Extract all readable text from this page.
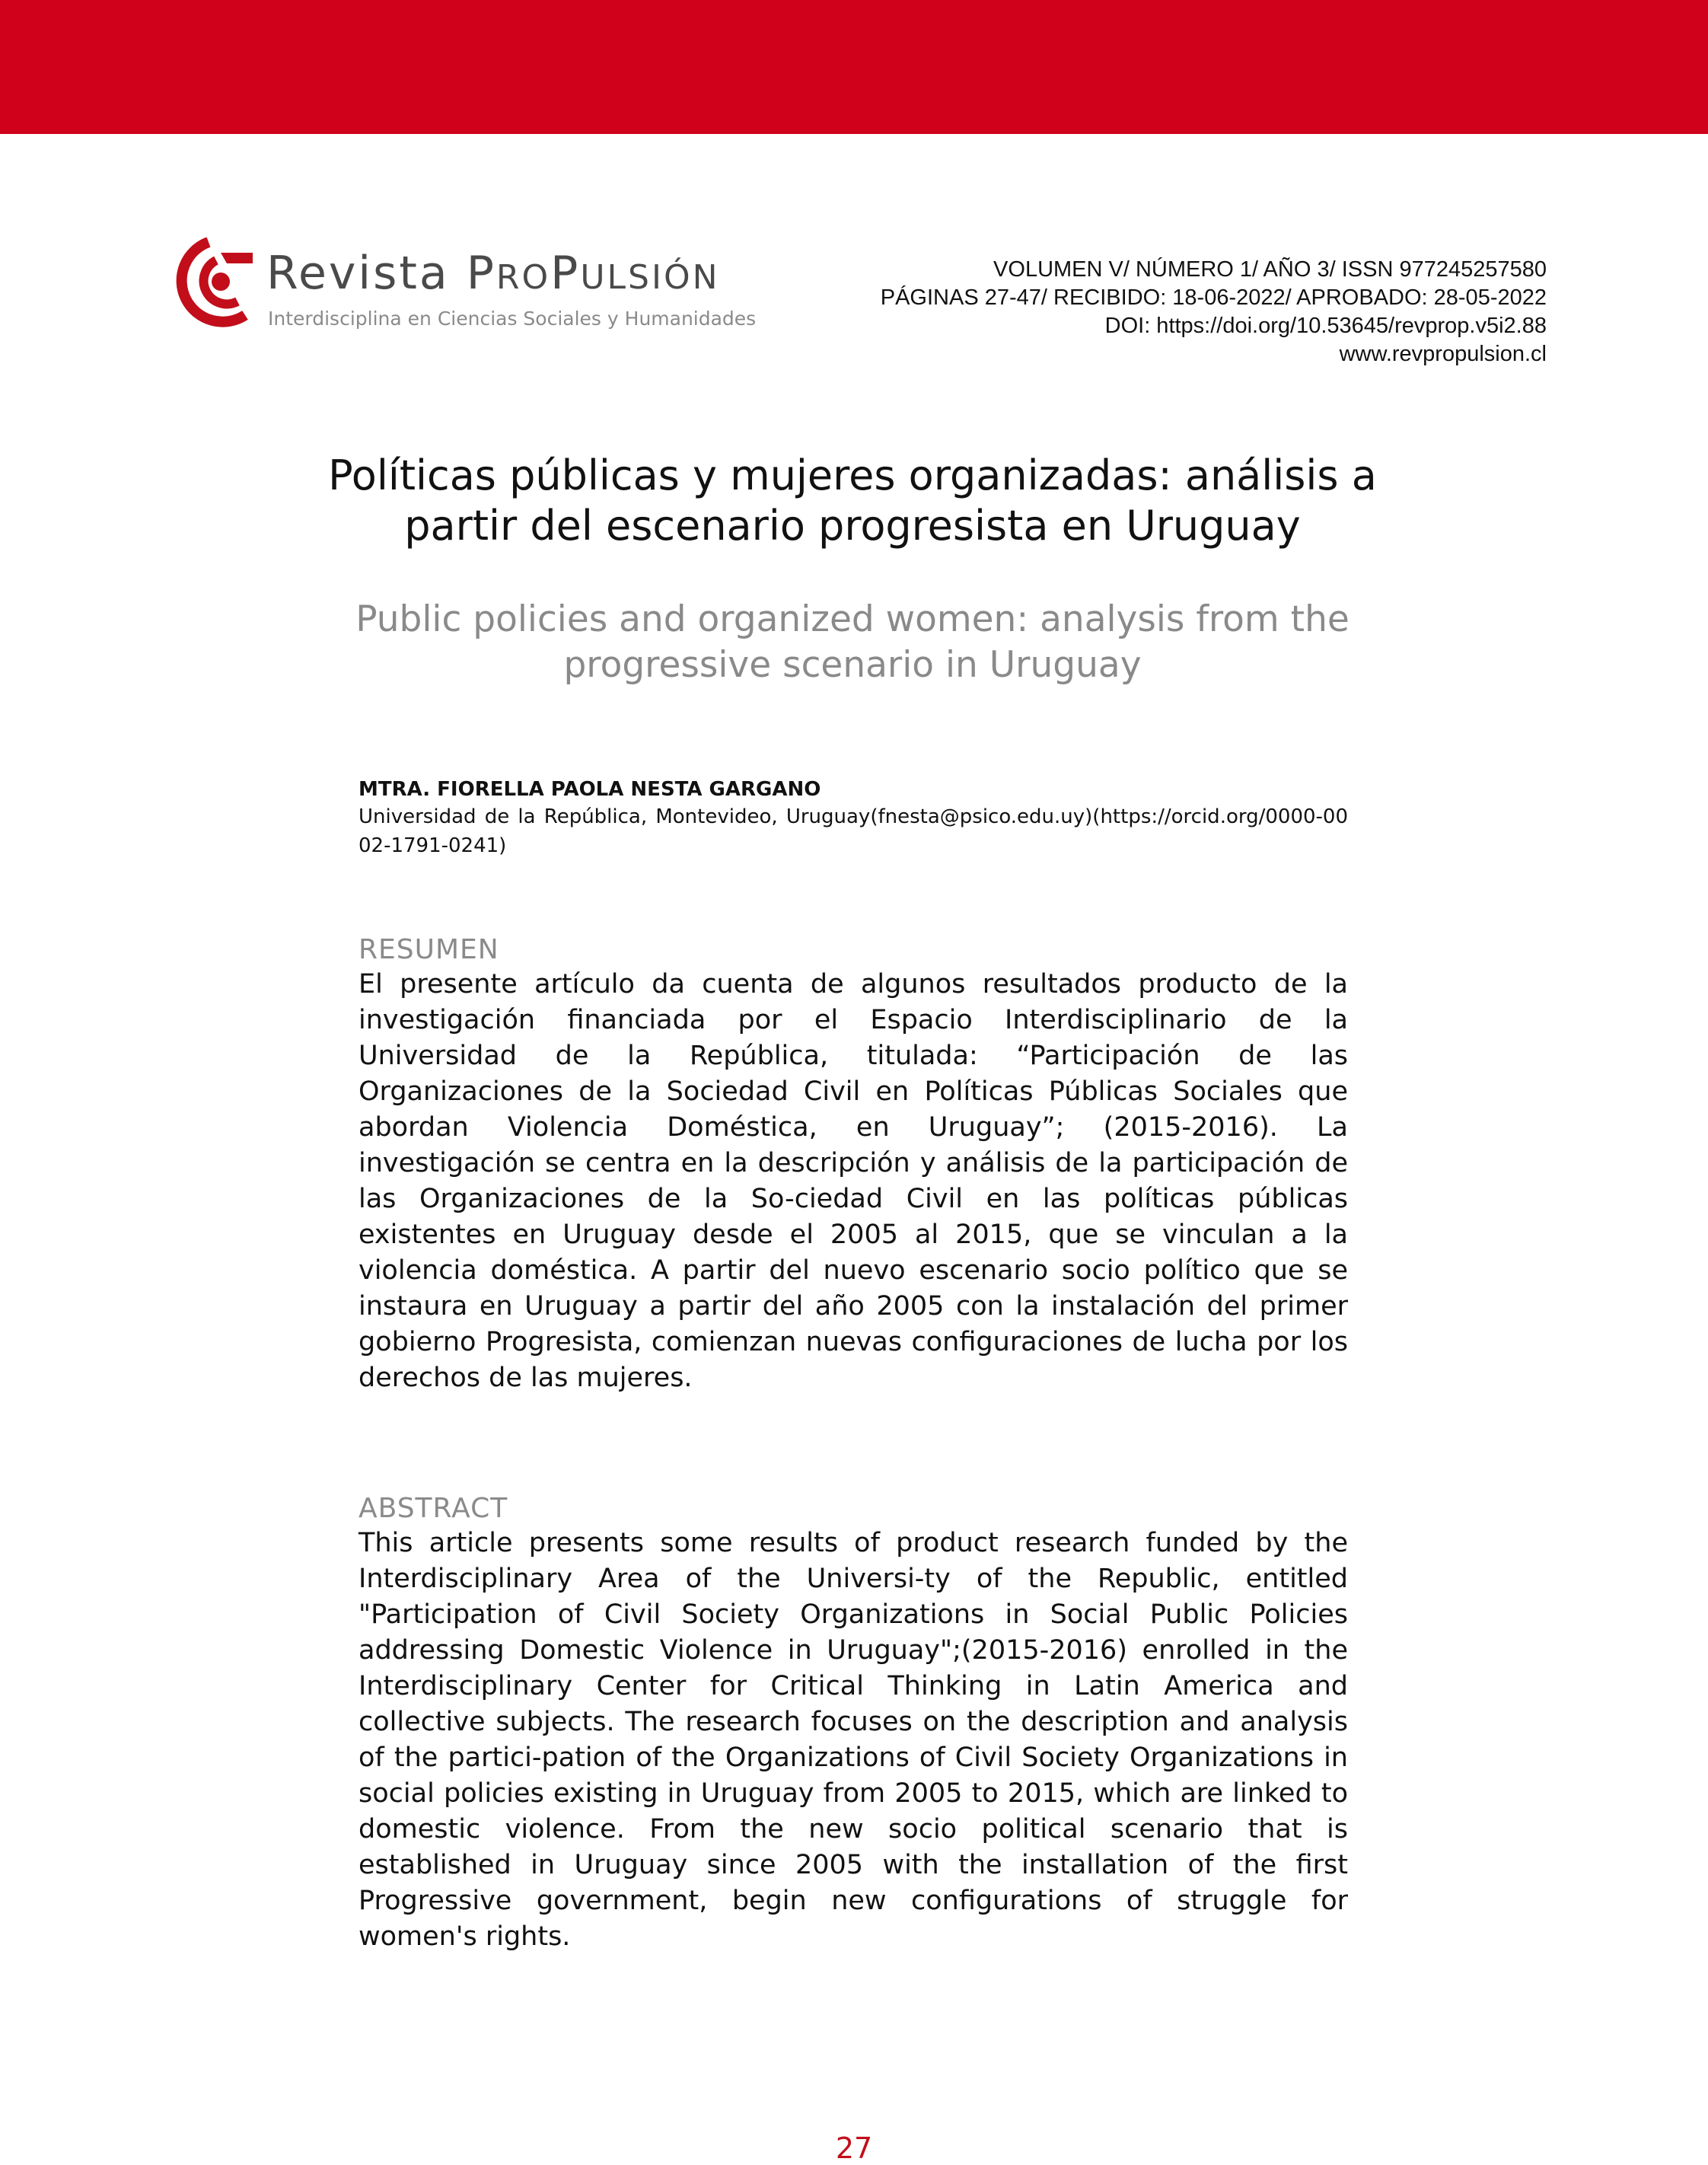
Revista PROPULSIÓN
Interdisciplina en Ciencias Sociales y Humanidades
VOLUMEN V/ NÚMERO 1/ AÑO 3/ ISSN 977245257580
PÁGINAS 27-47/ RECIBIDO: 18-06-2022/ APROBADO: 28-05-2022
DOI: https://doi.org/10.53645/revprop.v5i2.88
www.revpropulsion.cl
Políticas públicas y mujeres organizadas: análisis a
partir del escenario progresista en Uruguay
Public policies and organized women: analysis from the
progressive scenario in Uruguay
MTRA. FIORELLA PAOLA NESTA GARGANO
Universidad de la República, Montevideo, Uruguay(fnesta@psico.edu.uy)(https://orcid.org/0000-0002-1791-0241)
RESUMEN

El presente artículo da cuenta de algunos resultados producto de la investigación financiada por el Espacio Interdisciplinario de la Universidad de la República, titulada: “Participación de las Organizaciones de la Sociedad Civil en Políticas Públicas Sociales que abordan Violencia Doméstica, en Uruguay”; (2015-2016). La investigación se centra en la descripción y análisis de la participación de las Organizaciones de la So-ciedad Civil en las políticas públicas existentes en Uruguay desde el 2005 al 2015, que se vinculan a la violencia doméstica. A partir del nuevo escenario socio político que se instaura en Uruguay a partir del año 2005 con la instalación del primer gobierno Progresista, comienzan nuevas configuraciones de lucha por los derechos de las mujeres.

ABSTRACT

This article presents some results of product research funded by the Interdisciplinary Area of the Universi-ty of the Republic, entitled "Participation of Civil Society Organizations in Social Public Policies addressing Domestic Violence in Uruguay";(2015-2016) enrolled in the Interdisciplinary Center for Critical Thinking in Latin America and collective subjects. The research focuses on the description and analysis of the partici-pation of the Organizations of Civil Society Organizations in social policies existing in Uruguay from 2005 to 2015, which are linked to domestic violence. From the new socio political scenario that is established in Uruguay since 2005 with the installation of the first Progressive government, begin new configurations of struggle for women's rights.

27
